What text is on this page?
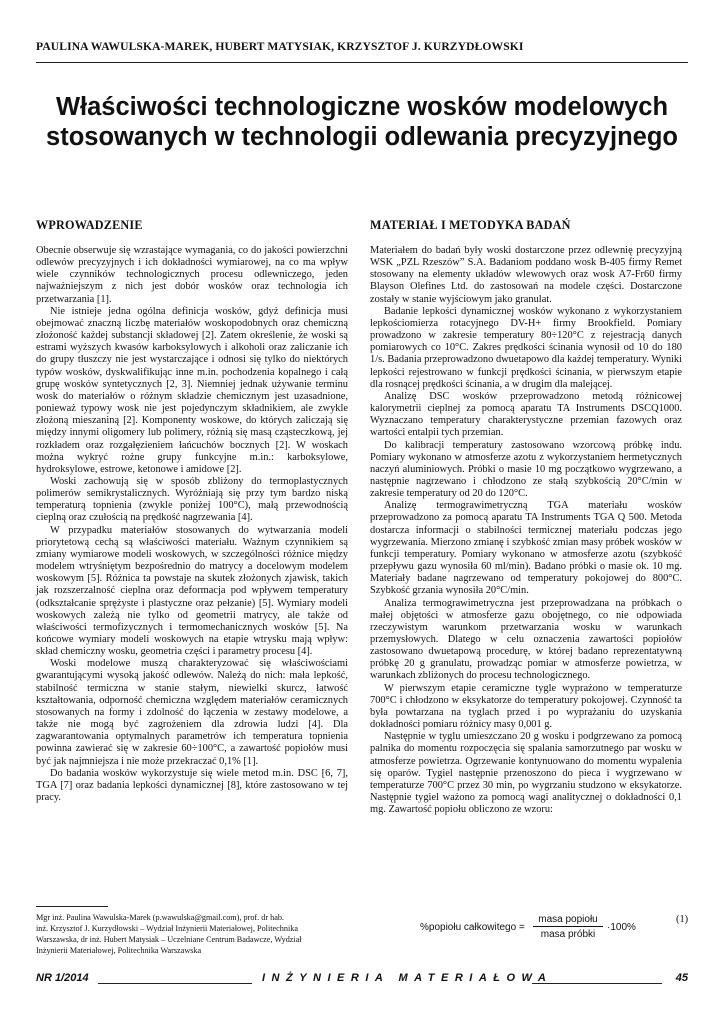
PAULINA WAWULSKA-MAREK, HUBERT MATYSIAK, KRZYSZTOF J. KURZYDŁOWSKI
Właściwości technologiczne wosków modelowych stosowanych w technologii odlewania precyzyjnego
WPROWADZENIE

Obecnie obserwuje się wzrastające wymagania, co do jakości powierzchni odlewów precyzyjnych i ich dokładności wymiarowej, na co ma wpływ wiele czynników technologicznych procesu odlewniczego, jeden najważniejszym z nich jest dobór wosków oraz technologia ich przetwarzania [1].

Nie istnieje jedna ogólna definicja wosków, gdyż definicja musi obejmować znaczną liczbę materiałów woskopodobnych oraz chemiczną złożoność każdej substancji składowej [2]. Zatem określenie, że woski są estrami wyższych kwasów karboksylowych i alkoholi oraz zaliczanie ich do grupy tłuszczy nie jest wystarczające i odnosi się tylko do niektórych typów wosków, dyskwalifikując inne m.in. pochodzenia kopalnego i całą grupę wosków syntetycznych [2, 3]. Niemniej jednak używanie terminu wosk do materiałów o różnym składzie chemicznym jest uzasadnione, ponieważ typowy wosk nie jest pojedynczym składnikiem, ale zwykle złożoną mieszaniną [2]. Komponenty woskowe, do których zaliczają się między innymi oligomery lub polimery, różnią się masą cząsteczkową, jej rozkładem oraz rozgałęzieniem łańcuchów bocznych [2]. W woskach można wykryć rożne grupy funkcyjne m.in.: karboksylowe, hydroksylowe, estrowe, ketonowe i amidowe [2].

Woski zachowują się w sposób zbliżony do termoplastycznych polimerów semikrystalicznych. Wyróżniają się przy tym bardzo niską temperaturą topnienia (zwykle poniżej 100°C), małą przewodnością cieplną oraz czułością na prędkość nagrzewania [4].

W przypadku materiałów stosowanych do wytwarzania modeli priorytetową cechą są właściwości materiału. Ważnym czynnikiem są zmiany wymiarowe modeli woskowych, w szczególności różnice między modelem wtryśniętym bezpośrednio do matrycy a docelowym modelem woskowym [5]. Różnica ta powstaje na skutek złożonych zjawisk, takich jak rozszerzalność cieplna oraz deformacja pod wpływem temperatury (odkształcanie sprężyste i plastyczne oraz pełzanie) [5]. Wymiary modeli woskowych zależą nie tylko od geometrii matrycy, ale także od właściwości termofizycznych i termomechanicznych wosków [5]. Na końcowe wymiary modeli woskowych na etapie wtrysku mają wpływ: skład chemiczny wosku, geometria części i parametry procesu [4].

Woski modelowe muszą charakteryzować się właściwościami gwarantującymi wysoką jakość odlewów. Należą do nich: mała lepkość, stabilność termiczna w stanie stałym, niewielki skurcz, łatwość kształtowania, odporność chemiczna względem materiałów ceramicznych stosowanych na formy i zdolność do łączenia w zestawy modelowe, a także nie mogą być zagrożeniem dla zdrowia ludzi [4]. Dla zagwarantowania optymalnych parametrów ich temperatura topnienia powinna zawierać się w zakresie 60÷100°C, a zawartość popiołów musi być jak najmniejsza i nie może przekraczać 0,1% [1].

Do badania wosków wykorzystuje się wiele metod m.in. DSC [6, 7], TGA [7] oraz badania lepkości dynamicznej [8], które zastosowano w tej pracy.

MATERIAŁ I METODYKA BADAŃ

Materiałem do badań były woski dostarczone przez odlewnię precyzyjną WSK „PZL Rzeszów” S.A. Badaniom poddano wosk B-405 firmy Remet stosowany na elementy układów wlewowych oraz wosk A7-Fr60 firmy Blayson Olefines Ltd. do zastosowań na modele części. Dostarczone zostały w stanie wyjściowym jako granulat.

Badanie lepkości dynamicznej wosków wykonano z wykorzystaniem lepkościomierza rotacyjnego DV-H+ firmy Brookfield. Pomiary prowadzono w zakresie temperatury 80÷120°C z rejestracją danych pomiarowych co 10°C. Zakres prędkości ścinania wynosił od 10 do 180 1/s. Badania przeprowadzono dwuetapowo dla każdej temperatury. Wyniki lepkości rejestrowano w funkcji prędkości ścinania, w pierwszym etapie dla rosnącej prędkości ścinania, a w drugim dla malejącej.

Analizę DSC wosków przeprowadzono metodą różnicowej kalorymetrii cieplnej za pomocą aparatu TA Instruments DSCQ1000. Wyznaczano temperatury charakterystyczne przemian fazowych oraz wartości entalpii tych przemian.

Do kalibracji temperatury zastosowano wzorcową próbkę indu. Pomiary wykonano w atmosferze azotu z wykorzystaniem hermetycznych naczyń aluminiowych. Próbki o masie 10 mg początkowo wygrzewano, a następnie nagrzewano i chłodzono ze stałą szybkością 20°C/min w zakresie temperatury od 20 do 120°C.

Analizę termograwimetryczną TGA materiału wosków przeprowadzono za pomocą aparatu TA Instruments TGA Q 500. Metoda dostarcza informacji o stabilności termicznej materiału podczas jego wygrzewania. Mierzono zmianę i szybkość zmian masy próbek wosków w funkcji temperatury. Pomiary wykonano w atmosferze azotu (szybkość przepływu gazu wynosiła 60 ml/min). Badano próbki o masie ok. 10 mg. Materiały badane nagrzewano od temperatury pokojowej do 800°C. Szybkość grzania wynosiła 20°C/min.

Analiza termograwimetryczna jest przeprowadzana na próbkach o małej objętości w atmosferze gazu obojętnego, co nie odpowiada rzeczywistym warunkom przetwarzania wosku w warunkach przemysłowych. Dlatego w celu oznaczenia zawartości popiołów zastosowano dwuetapową procedurę, w której badano reprezentatywną próbkę 20 g granulatu, prowadząc pomiar w atmosferze powietrza, w warunkach zbliżonych do procesu technologicznego.

W pierwszym etapie ceramiczne tygle wyprażono w temperaturze 700°C i chłodzono w eksykatorze do temperatury pokojowej. Czynność ta była powtarzana na tyglach przed i po wyprażaniu do uzyskania dokładności pomiaru różnicy masy 0,001 g.

Następnie w tyglu umieszczano 20 g wosku i podgrzewano za pomocą palnika do momentu rozpoczęcia się spalania samorzutnego par wosku w atmosferze powietrza. Ogrzewanie kontynuowano do momentu wypalenia się oparów. Tygiel następnie przenoszono do pieca i wygrzewano w temperaturze 700°C przez 30 min, po wygrzaniu studzono w eksykatorze. Następnie tygiel ważono za pomocą wagi analitycznej o dokładności 0,1 mg. Zawartość popiołu obliczono ze wzoru:

Mgr inż. Paulina Wawulska-Marek (p.wawulska@gmail.com), prof. dr hab.
inż. Krzysztof J. Kurzydłowski – Wydział Inżynierii Materiałowej, Politechnika
Warszawska, dr inż. Hubert Matysiak – Uczelniane Centrum Badawcze, Wydział
Inżynierii Materiałowej, Politechnika Warszawska
%popiołu całkowitego =
masa popiołu
masa próbki
·100%
(1)
NR 1/2014	INŻYNIERIA MATERIAŁOWA	45
